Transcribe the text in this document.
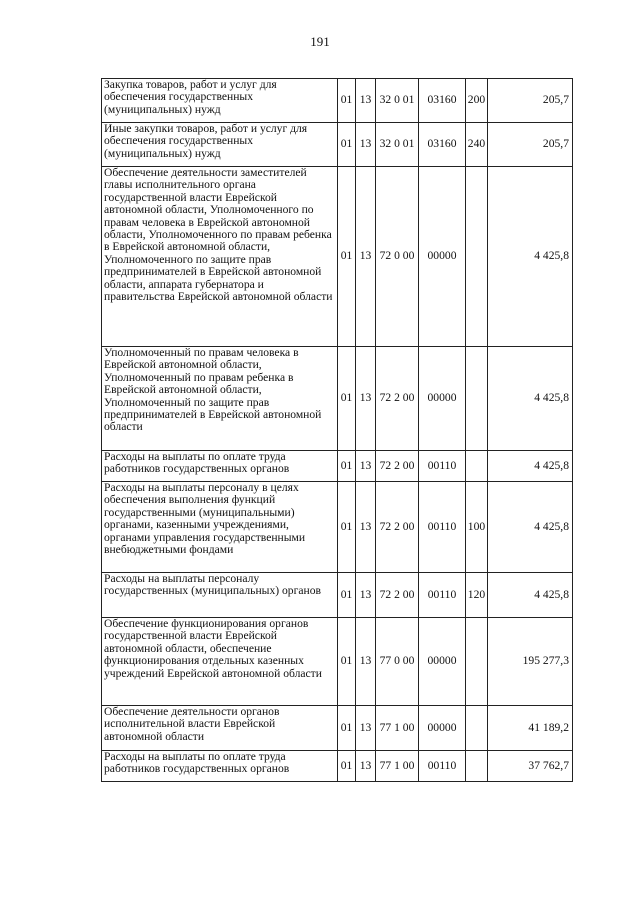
191
Закупка товаров, работ и услуг для обеспечения государственных (муниципальных) нужд	01	13	32 0 01	03160	200	205,7
Иные закупки товаров, работ и услуг для обеспечения государственных (муниципальных) нужд	01	13	32 0 01	03160	240	205,7
Обеспечение деятельности заместителей главы исполнительного органа государственной власти Еврейской автономной области, Уполномоченного по правам человека в Еврейской автономной области, Уполномоченного по правам ребенка в Еврейской автономной области, Уполномоченного по защите прав предпринимателей в Еврейской автономной области, аппарата губернатора и правительства Еврейской автономной области	01	13	72 0 00	00000		4 425,8
Уполномоченный по правам человека в Еврейской автономной области, Уполномоченный по правам ребенка в Еврейской автономной области, Уполномоченный по защите прав предпринимателей в Еврейской автономной области	01	13	72 2 00	00000		4 425,8
Расходы на выплаты по оплате труда работников государственных органов	01	13	72 2 00	00110		4 425,8
Расходы на выплаты персоналу в целях обеспечения выполнения функций государственными (муниципальными) органами, казенными учреждениями, органами управления государственными внебюджетными фондами	01	13	72 2 00	00110	100	4 425,8
Расходы на выплаты персоналу государственных (муниципальных) органов	01	13	72 2 00	00110	120	4 425,8
Обеспечение функционирования органов государственной власти Еврейской автономной области, обеспечение функционирования отдельных казенных учреждений Еврейской автономной области	01	13	77 0 00	00000		195 277,3
Обеспечение деятельности органов исполнительной власти Еврейской автономной области	01	13	77 1 00	00000		41 189,2
Расходы на выплаты по оплате труда работников государственных органов	01	13	77 1 00	00110		37 762,7
